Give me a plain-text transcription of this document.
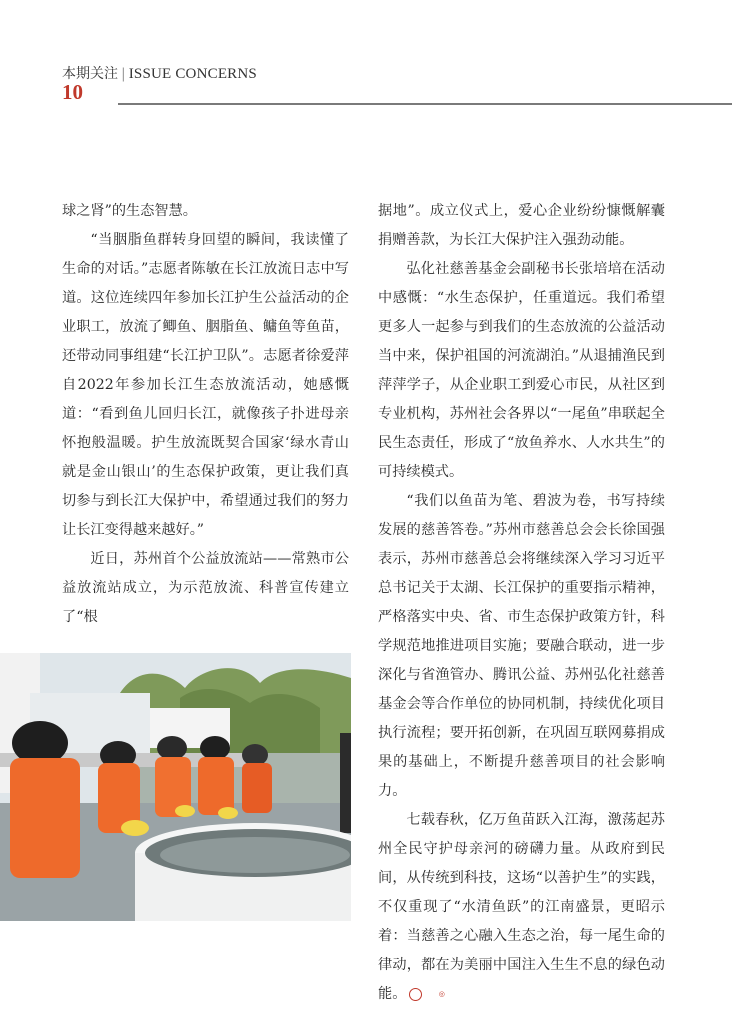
本期关注 | ISSUE CONCERNS
10

球之肾”的生态智慧。

“当胭脂鱼群转身回望的瞬间，我读懂了生命的对话。”志愿者陈敏在长江放流日志中写道。这位连续四年参加长江护生公益活动的企业职工，放流了鲫鱼、胭脂鱼、鳙鱼等鱼苗，还带动同事组建“长江护卫队”。志愿者徐爱萍自2022年参加长江生态放流活动，她感慨道：“看到鱼儿回归长江，就像孩子扑进母亲怀抱般温暖。护生放流既契合国家‘绿水青山就是金山银山’的生态保护政策，更让我们真切参与到长江大保护中，希望通过我们的努力让长江变得越来越好。”

近日，苏州首个公益放流站——常熟市公益放流站成立，为示范放流、科普宣传建立了“根

据地”。成立仪式上，爱心企业纷纷慷慨解囊捐赠善款，为长江大保护注入强劲动能。

弘化社慈善基金会副秘书长张培培在活动中感慨：“水生态保护，任重道远。我们希望更多人一起参与到我们的生态放流的公益活动当中来，保护祖国的河流湖泊。”从退捕渔民到萍萍学子，从企业职工到爱心市民，从社区到专业机构，苏州社会各界以“一尾鱼”串联起全民生态责任，形成了“放鱼养水、人水共生”的可持续模式。

“我们以鱼苗为笔、碧波为卷，书写持续发展的慈善答卷。”苏州市慈善总会会长徐国强表示，苏州市慈善总会将继续深入学习习近平总书记关于太湖、长江保护的重要指示精神，严格落实中央、省、市生态保护政策方针，科学规范地推进项目实施；要融合联动，进一步深化与省渔管办、腾讯公益、苏州弘化社慈善基金会等合作单位的协同机制，持续优化项目执行流程；要开拓创新，在巩固互联网募捐成果的基础上，不断提升慈善项目的社会影响力。

七载春秋，亿万鱼苗跃入江海，激荡起苏州全民守护母亲河的磅礴力量。从政府到民间，从传统到科技，这场“以善护生”的实践，不仅重现了“水清鱼跃”的江南盛景，更昭示着：当慈善之心融入生态之治，每一尾生命的律动，都在为美丽中国注入生生不息的绿色动能。	◎
